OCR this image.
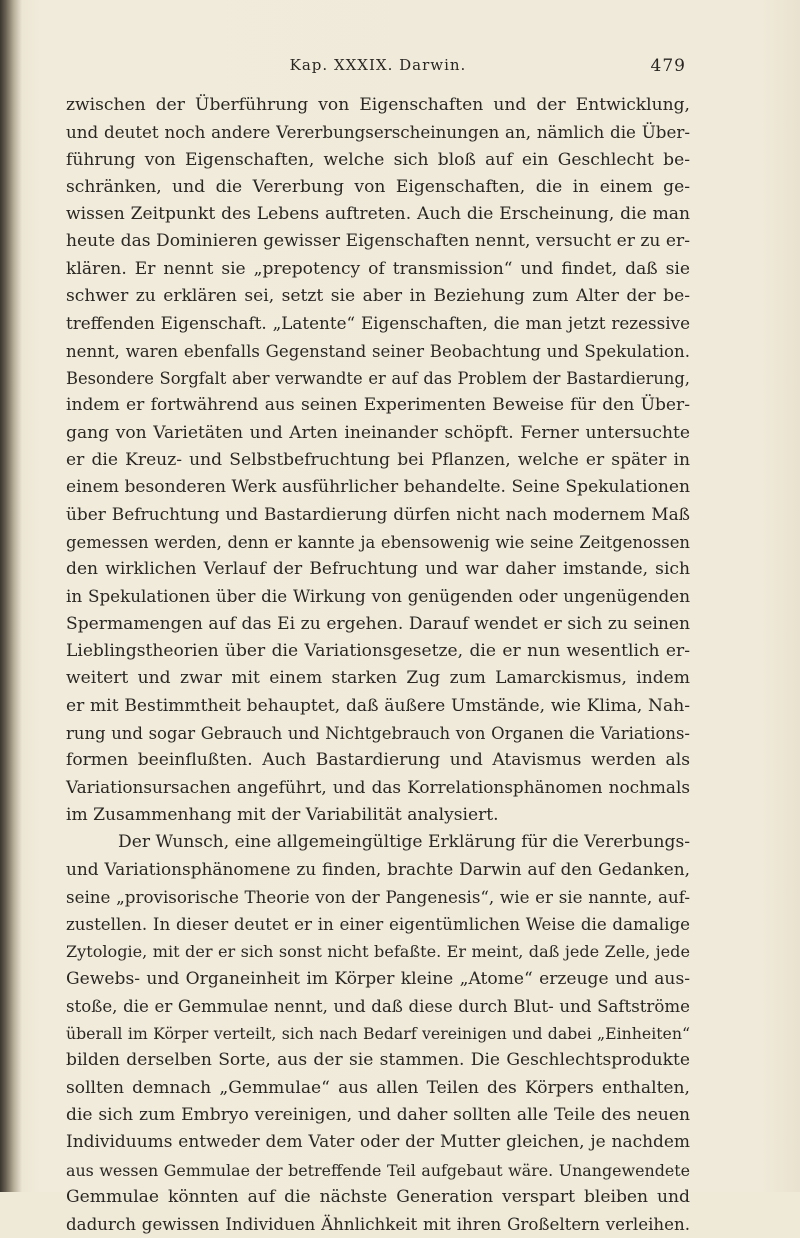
Kap. XXXIX. Darwin.	479
zwischen der Überführung von Eigenschaften und der Entwicklung,
und deutet noch andere Vererbungserscheinungen an, nämlich die Über-
führung von Eigenschaften, welche sich bloß auf ein Geschlecht be-
schränken, und die Vererbung von Eigenschaften, die in einem ge-
wissen Zeitpunkt des Lebens auftreten. Auch die Erscheinung, die man
heute das Dominieren gewisser Eigenschaften nennt, versucht er zu er-
klären. Er nennt sie „prepotency of transmission“ und findet, daß sie
schwer zu erklären sei, setzt sie aber in Beziehung zum Alter der be-
treffenden Eigenschaft. „Latente“ Eigenschaften, die man jetzt rezessive
nennt, waren ebenfalls Gegenstand seiner Beobachtung und Spekulation.
Besondere Sorgfalt aber verwandte er auf das Problem der Bastardierung,
indem er fortwährend aus seinen Experimenten Beweise für den Über-
gang von Varietäten und Arten ineinander schöpft. Ferner untersuchte
er die Kreuz- und Selbstbefruchtung bei Pflanzen, welche er später in
einem besonderen Werk ausführlicher behandelte. Seine Spekulationen
über Befruchtung und Bastardierung dürfen nicht nach modernem Maß
gemessen werden, denn er kannte ja ebensowenig wie seine Zeitgenossen
den wirklichen Verlauf der Befruchtung und war daher imstande, sich
in Spekulationen über die Wirkung von genügenden oder ungenügenden
Spermamengen auf das Ei zu ergehen. Darauf wendet er sich zu seinen
Lieblingstheorien über die Variationsgesetze, die er nun wesentlich er-
weitert und zwar mit einem starken Zug zum Lamarckismus, indem
er mit Bestimmtheit behauptet, daß äußere Umstände, wie Klima, Nah-
rung und sogar Gebrauch und Nichtgebrauch von Organen die Variations-
formen beeinflußten. Auch Bastardierung und Atavismus werden als
Variationsursachen angeführt, und das Korrelationsphänomen nochmals
im Zusammenhang mit der Variabilität analysiert.
Der Wunsch, eine allgemeingültige Erklärung für die Vererbungs-
und Variationsphänomene zu finden, brachte Darwin auf den Gedanken,
seine „provisorische Theorie von der Pangenesis“, wie er sie nannte, auf-
zustellen. In dieser deutet er in einer eigentümlichen Weise die damalige
Zytologie, mit der er sich sonst nicht befaßte. Er meint, daß jede Zelle, jede
Gewebs- und Organeinheit im Körper kleine „Atome“ erzeuge und aus-
stoße, die er Gemmulae nennt, und daß diese durch Blut- und Saftströme
überall im Körper verteilt, sich nach Bedarf vereinigen und dabei „Einheiten“
bilden derselben Sorte, aus der sie stammen. Die Geschlechtsprodukte
sollten demnach „Gemmulae“ aus allen Teilen des Körpers enthalten,
die sich zum Embryo vereinigen, und daher sollten alle Teile des neuen
Individuums entweder dem Vater oder der Mutter gleichen, je nachdem
aus wessen Gemmulae der betreffende Teil aufgebaut wäre. Unangewendete
Gemmulae könnten auf die nächste Generation verspart bleiben und
dadurch gewissen Individuen Ähnlichkeit mit ihren Großeltern verleihen.
